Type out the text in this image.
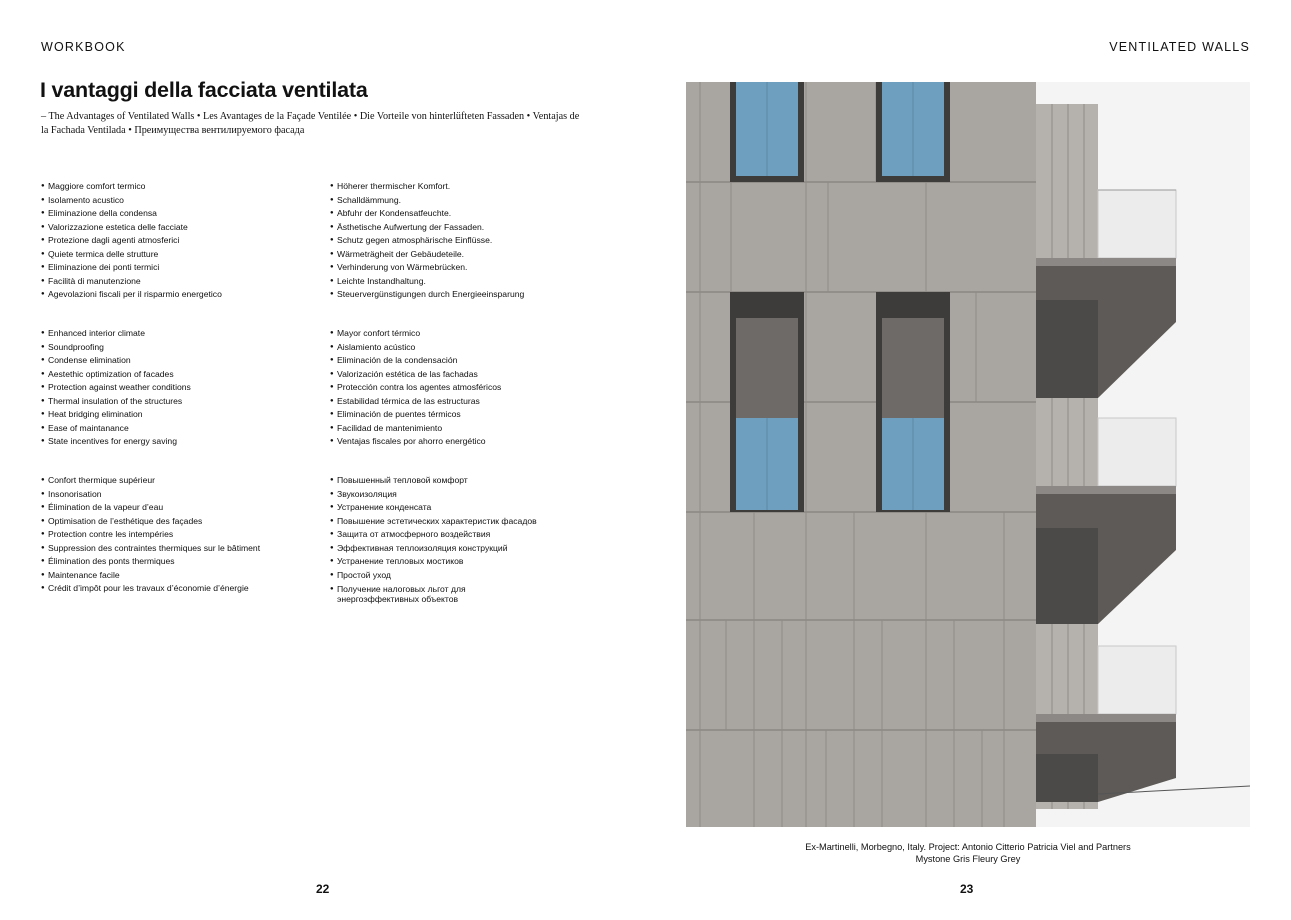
WORKBOOK	VENTILATED WALLS
I vantaggi della facciata ventilata
– The Advantages of Ventilated Walls • Les Avantages de la Façade Ventilée • Die Vorteile von hinterlüfteten Fassaden • Ventajas de la Fachada Ventilada • Преимущества вентилируемого фасада
● Maggiore comfort termico
● Isolamento acustico
● Eliminazione della condensa
● Valorizzazione estetica delle facciate
● Protezione dagli agenti atmosferici
● Quiete termica delle strutture
● Eliminazione dei ponti termici
● Facilità di manutenzione
● Agevolazioni fiscali per il risparmio energetico
● Höherer thermischer Komfort.
● Schalldämmung.
● Abfuhr der Kondensatfeuchte.
● Ästhetische Aufwertung der Fassaden.
● Schutz gegen atmosphärische Einflüsse.
● Wärmeträgheit der Gebäudeteile.
● Verhinderung von Wärmebrücken.
● Leichte Instandhaltung.
● Steuervergünstigungen durch Energieeinsparung
● Enhanced interior climate
● Soundproofing
● Condense elimination
● Aestethic optimization of facades
● Protection against weather conditions
● Thermal insulation of the structures
● Heat bridging elimination
● Ease of maintanance
● State incentives for energy saving
● Mayor confort térmico
● Aislamiento acústico
● Eliminación de la condensación
● Valorización estética de las fachadas
● Protección contra los agentes atmosféricos
● Estabilidad térmica de las estructuras
● Eliminación de puentes térmicos
● Facilidad de mantenimiento
● Ventajas fiscales por ahorro energético
● Confort thermique supérieur
● Insonorisation
● Élimination de la vapeur d’eau
● Optimisation de l’esthétique des façades
● Protection contre les intempéries
● Suppression des contraintes thermiques sur le bâtiment
● Élimination des ponts thermiques
● Maintenance facile
● Crédit d’impôt pour les travaux d’économie d’énergie
● Повышенный тепловой комфорт
● Звукоизоляция
● Устранение конденсата
● Повышение эстетических характеристик фасадов
● Защита от атмосферного воздействия
● Эффективная теплоизоляция конструкций
● Устранение тепловых мостиков
● Простой уход
● Получение налоговых льгот для энергоэффективных объектов
Ex-Martinelli, Morbegno, Italy. Project: Antonio Citterio Patricia Viel and Partners
Mystone Gris Fleury Grey
22	23
